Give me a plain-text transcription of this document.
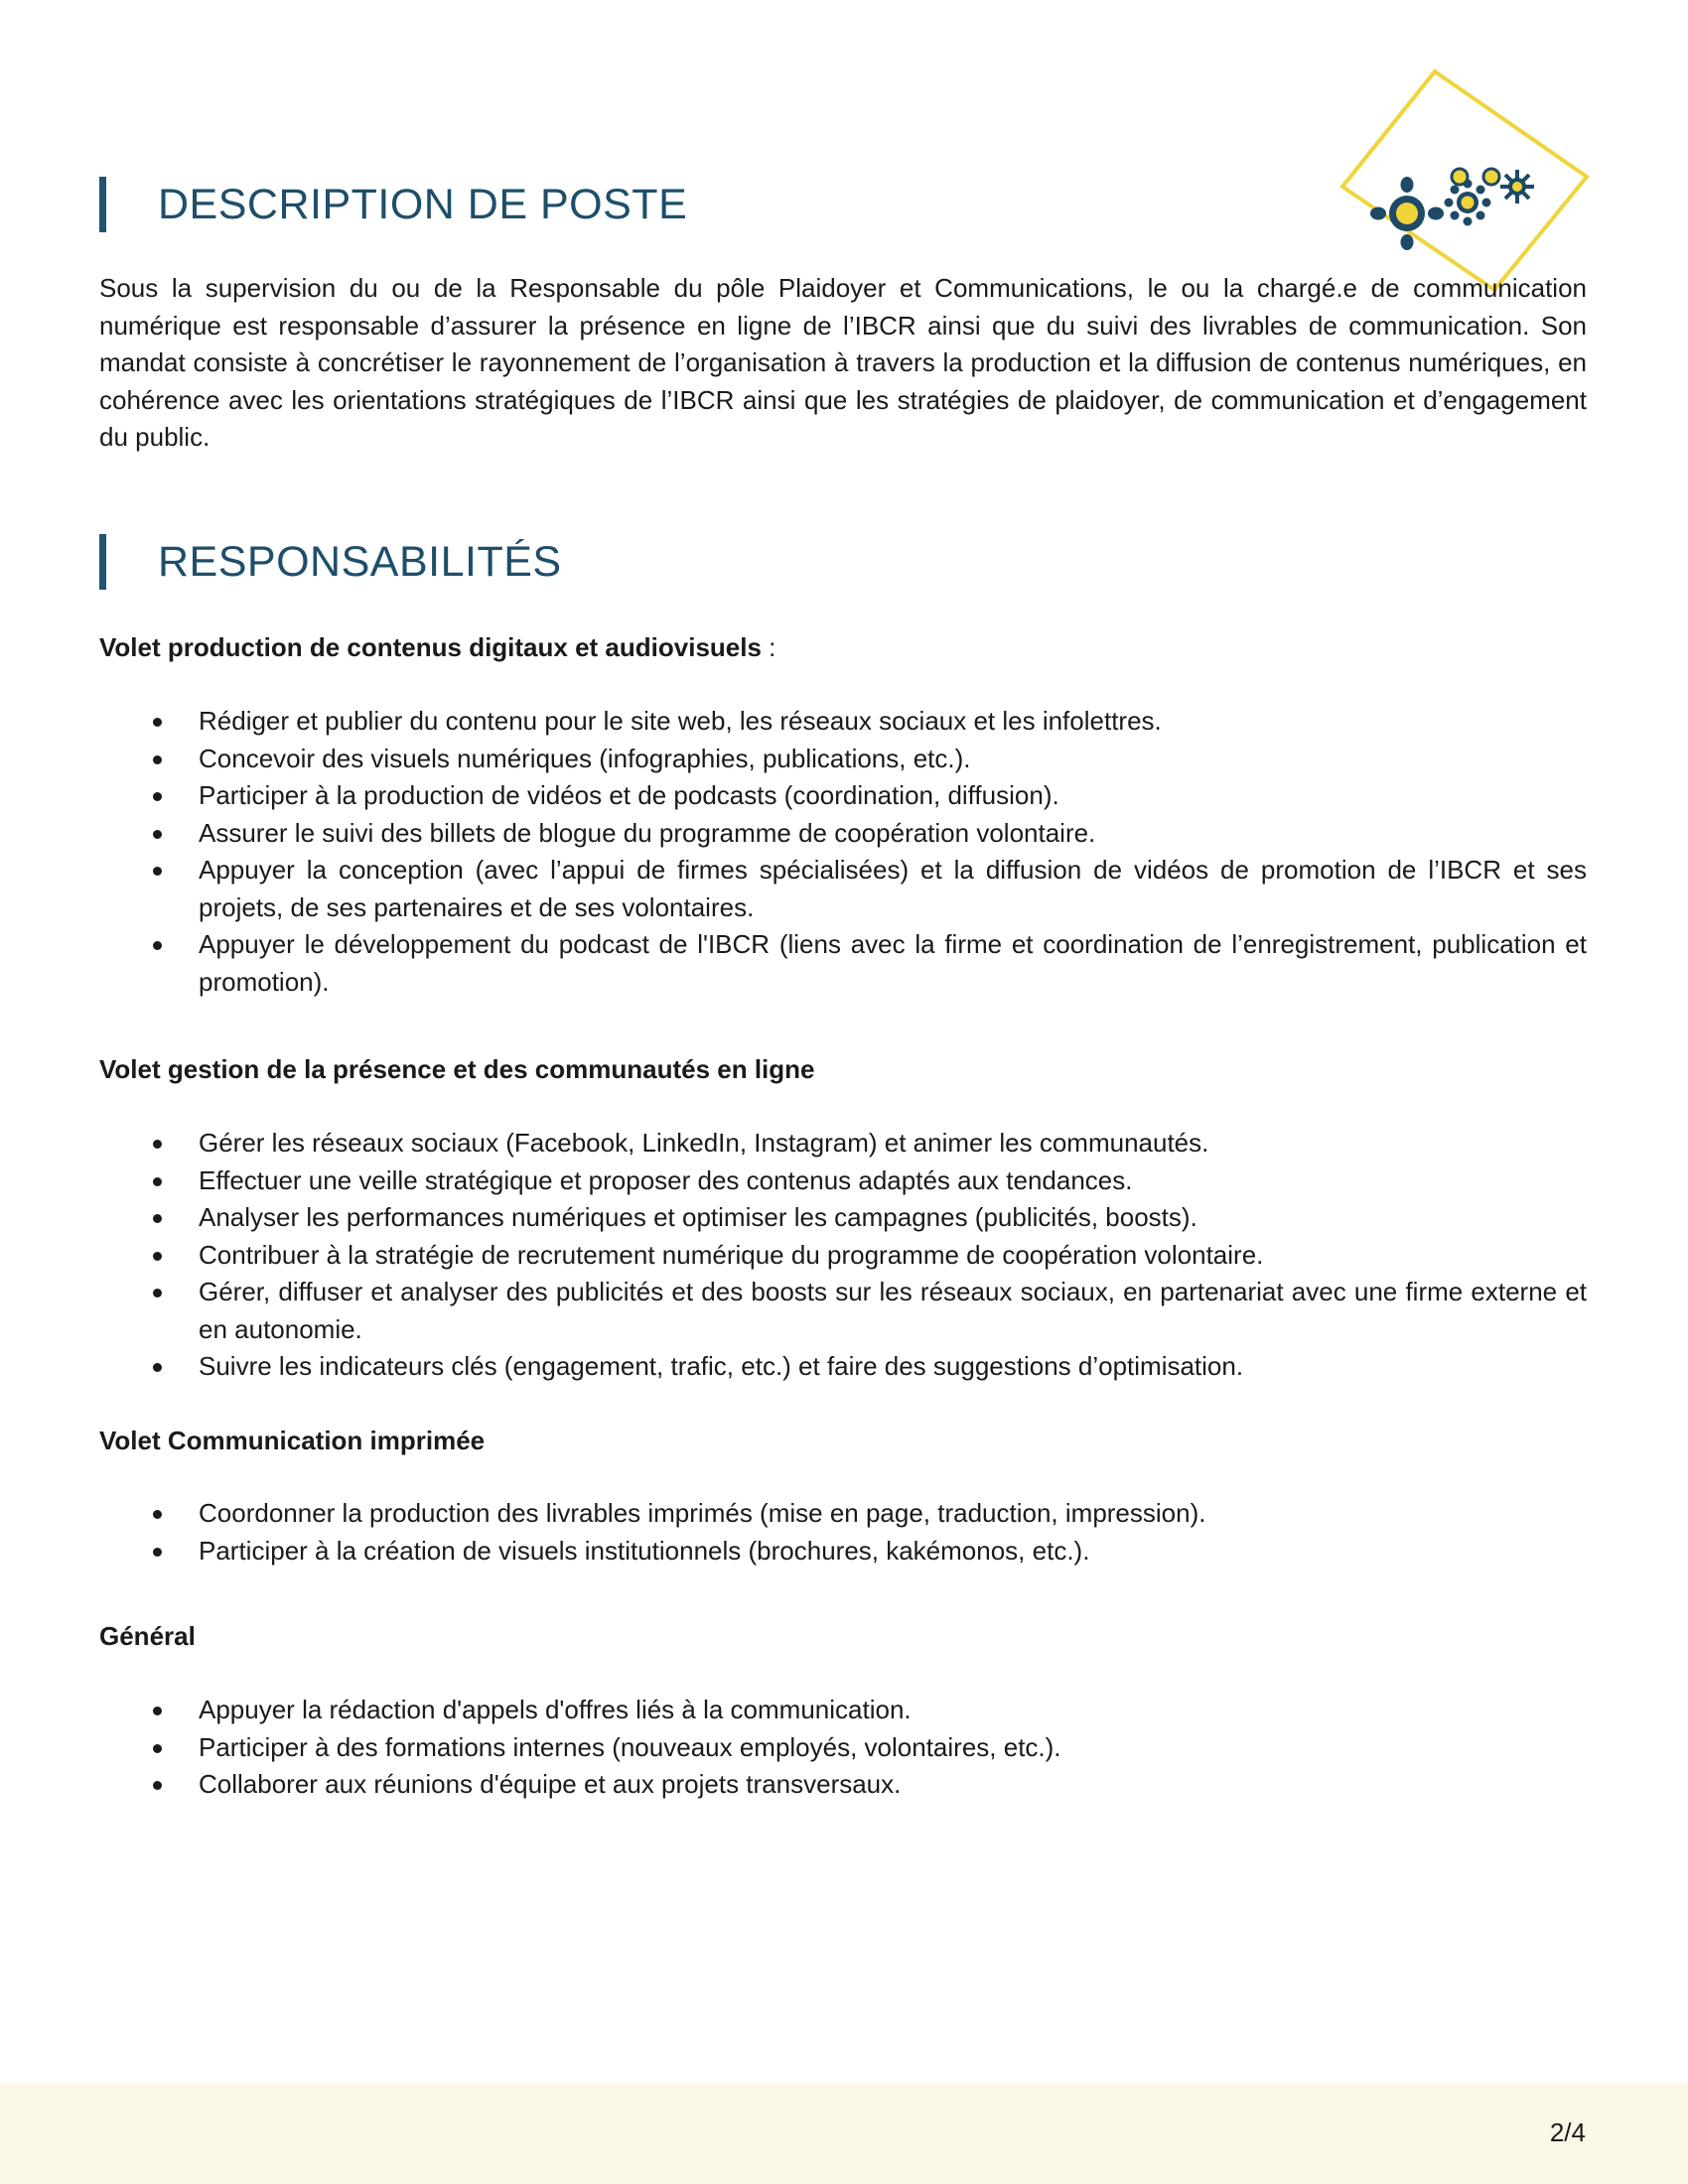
DESCRIPTION DE POSTE

Sous la supervision du ou de la Responsable du pôle Plaidoyer et Communications, le ou la chargé.e de communication numérique est responsable d’assurer la présence en ligne de l’IBCR ainsi que du suivi des livrables de communication. Son mandat consiste à concrétiser le rayonnement de l’organisation à travers la production et la diffusion de contenus numériques, en cohérence avec les orientations stratégiques de l’IBCR ainsi que les stratégies de plaidoyer, de communication et d’engagement du public.

RESPONSABILITÉS
Volet production de contenus digitaux et audiovisuels :
Rédiger et publier du contenu pour le site web, les réseaux sociaux et les infolettres.
Concevoir des visuels numériques (infographies, publications, etc.).
Participer à la production de vidéos et de podcasts (coordination, diffusion).
Assurer le suivi des billets de blogue du programme de coopération volontaire.
Appuyer la conception (avec l’appui de firmes spécialisées) et la diffusion de vidéos de promotion de l’IBCR et ses projets, de ses partenaires et de ses volontaires.
Appuyer le développement du podcast de l'IBCR (liens avec la firme et coordination de l’enregistrement, publication et promotion).
Volet gestion de la présence et des communautés en ligne
Gérer les réseaux sociaux (Facebook, LinkedIn, Instagram) et animer les communautés.
Effectuer une veille stratégique et proposer des contenus adaptés aux tendances.
Analyser les performances numériques et optimiser les campagnes (publicités, boosts).
Contribuer à la stratégie de recrutement numérique du programme de coopération volontaire.
Gérer, diffuser et analyser des publicités et des boosts sur les réseaux sociaux, en partenariat avec une firme externe et en autonomie.
Suivre les indicateurs clés (engagement, trafic, etc.) et faire des suggestions d’optimisation.
Volet Communication imprimée
Coordonner la production des livrables imprimés (mise en page, traduction, impression).
Participer à la création de visuels institutionnels (brochures, kakémonos, etc.).
Général
Appuyer la rédaction d'appels d'offres liés à la communication.
Participer à des formations internes (nouveaux employés, volontaires, etc.).
Collaborer aux réunions d'équipe et aux projets transversaux.
2/4
